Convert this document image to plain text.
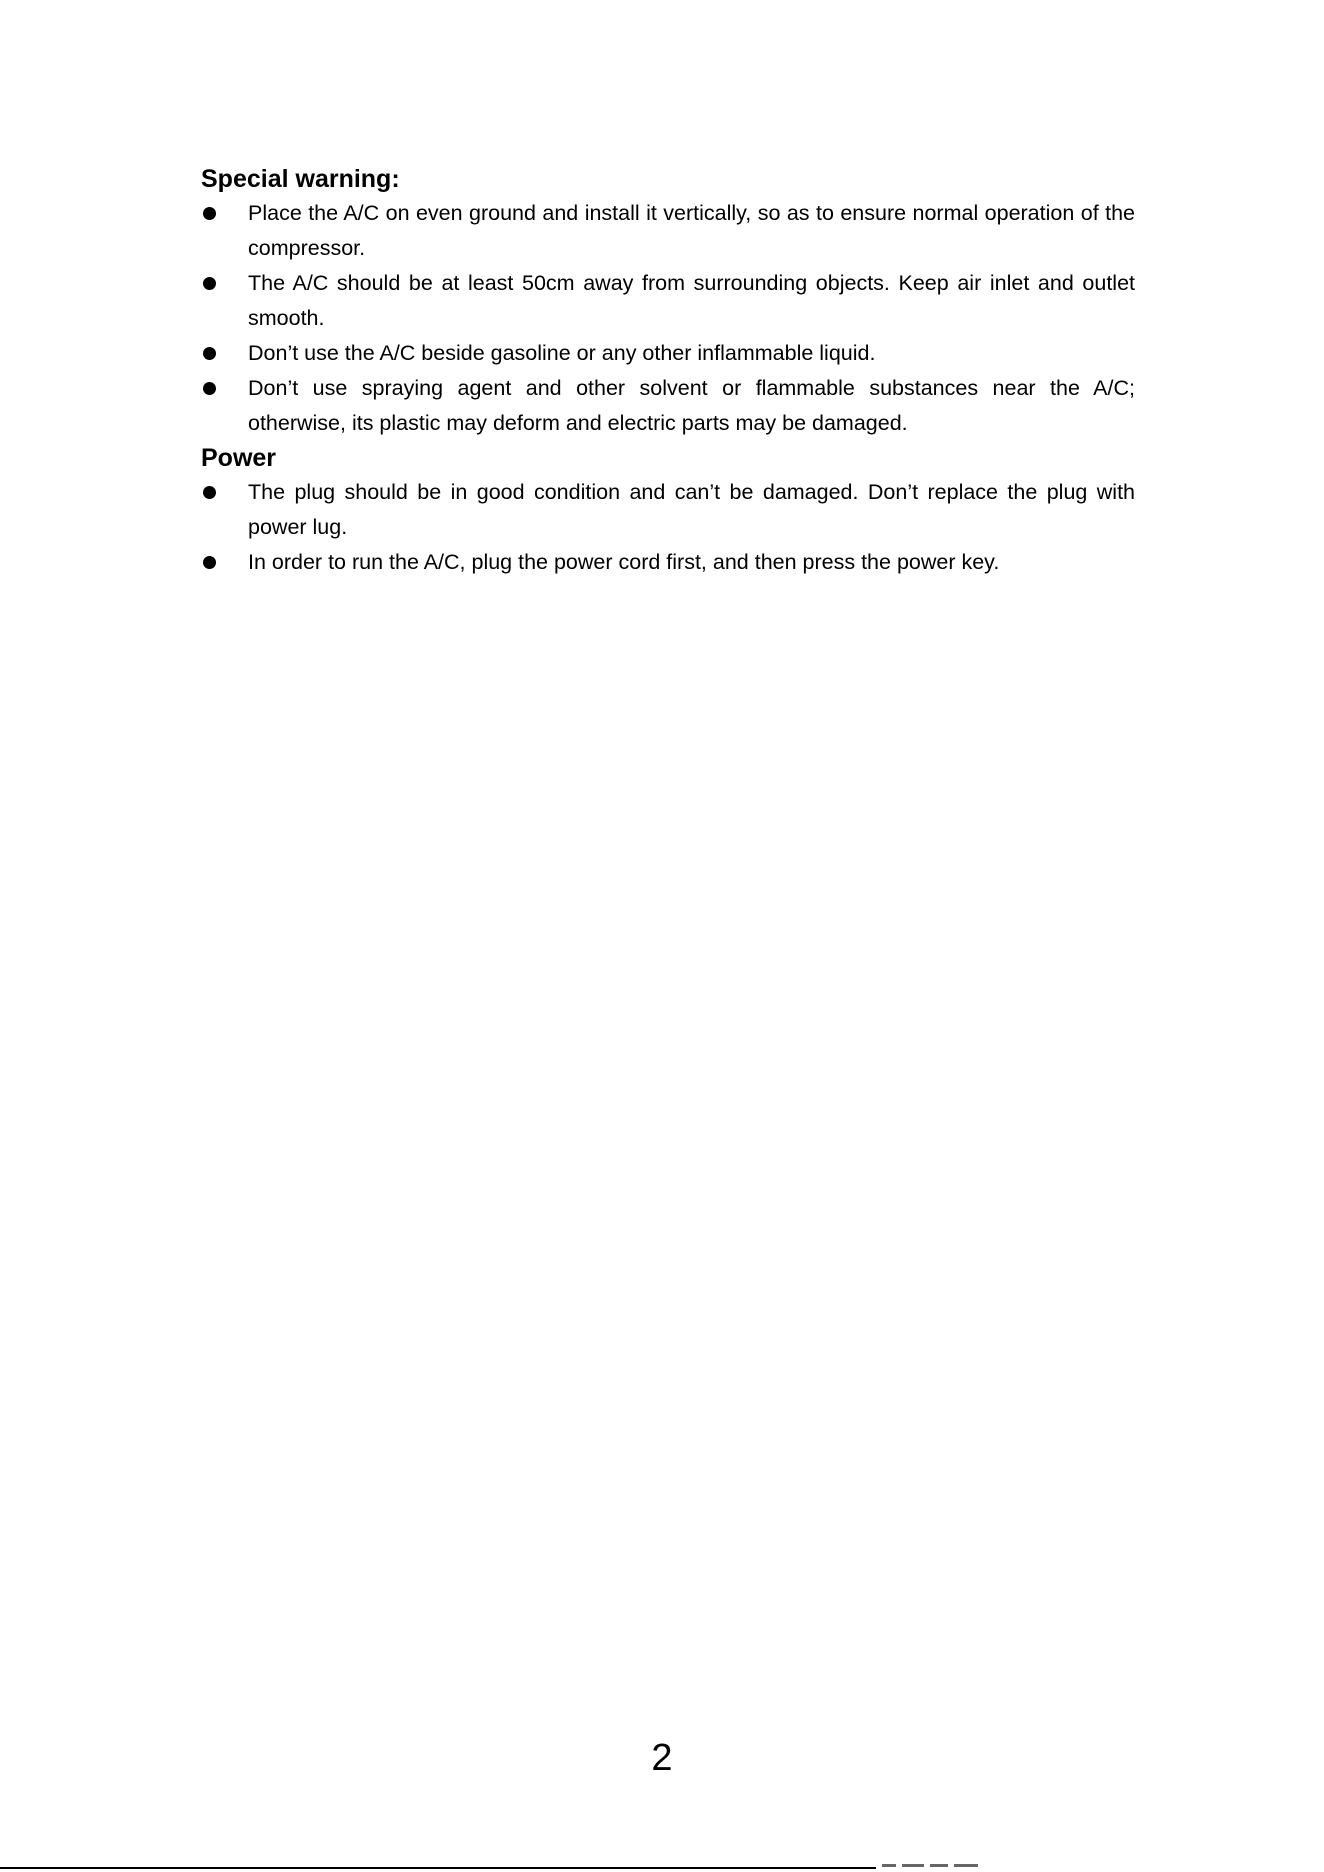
Special warning:
Place the A/C on even ground and install it vertically, so as to ensure normal operation of the compressor.
The A/C should be at least 50cm away from surrounding objects. Keep air inlet and outlet smooth.
Don’t use the A/C beside gasoline or any other inflammable liquid.
Don’t use spraying agent and other solvent or flammable substances near the A/C; otherwise, its plastic may deform and electric parts may be damaged.
Power
The plug should be in good condition and can’t be damaged. Don’t replace the plug with power lug.
In order to run the A/C, plug the power cord first, and then press the power key.
2
